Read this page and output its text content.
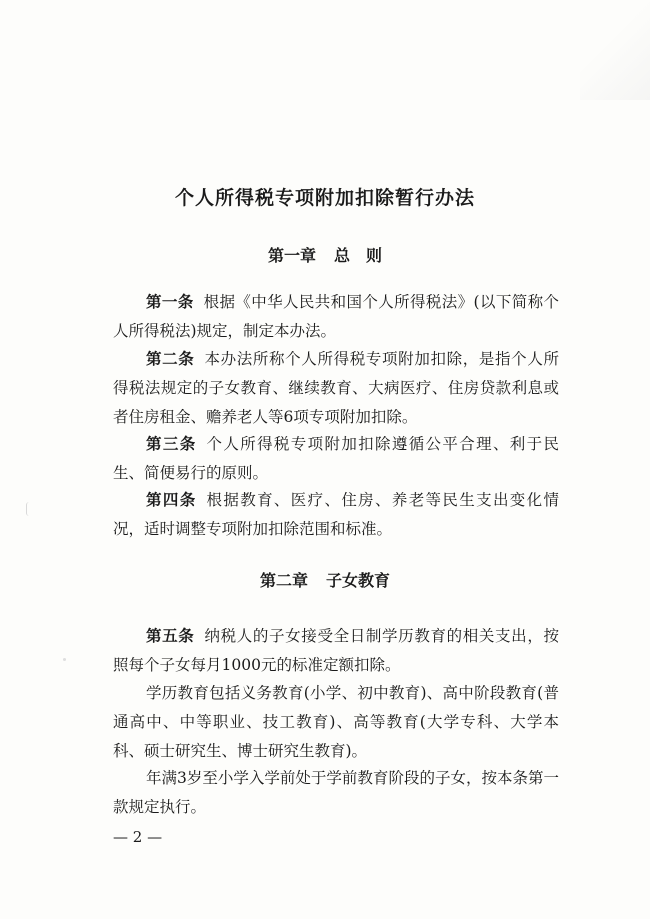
个人所得税专项附加扣除暂行办法
第一章 总　则
第一条 根据《中华人民共和国个人所得税法》(以下简称个人所得税法)规定，制定本办法。
第二条 本办法所称个人所得税专项附加扣除，是指个人所得税法规定的子女教育、继续教育、大病医疗、住房贷款利息或者住房租金、赡养老人等6项专项附加扣除。
第三条 个人所得税专项附加扣除遵循公平合理、利于民生、简便易行的原则。
第四条 根据教育、医疗、住房、养老等民生支出变化情况，适时调整专项附加扣除范围和标准。
第二章 子女教育
第五条 纳税人的子女接受全日制学历教育的相关支出，按照每个子女每月1000元的标准定额扣除。
学历教育包括义务教育(小学、初中教育)、高中阶段教育(普通高中、中等职业、技工教育)、高等教育(大学专科、大学本科、硕士研究生、博士研究生教育)。
年满3岁至小学入学前处于学前教育阶段的子女，按本条第一款规定执行。
— 2 —
